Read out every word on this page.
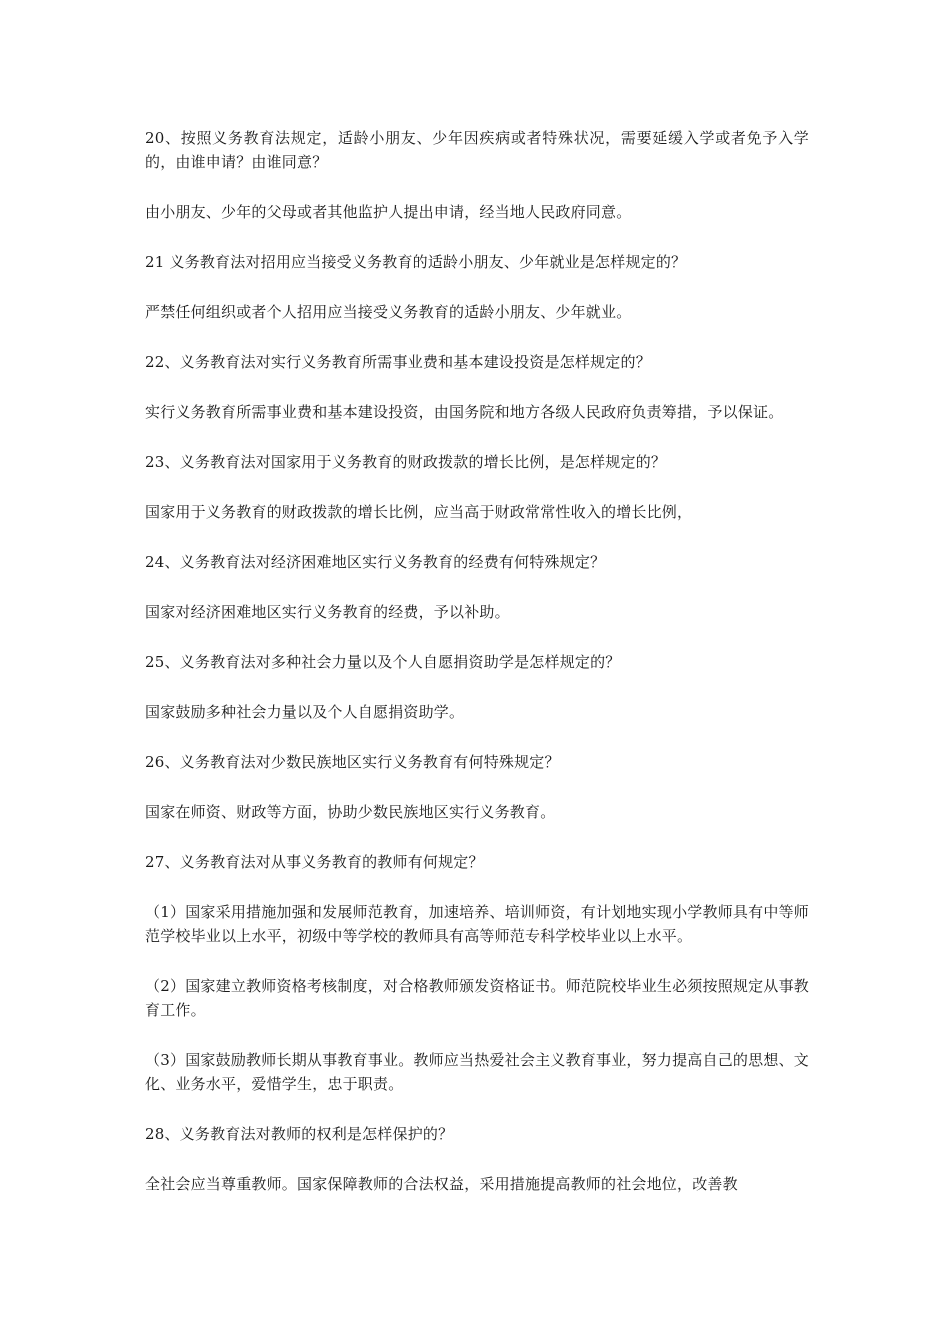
20、按照义务教育法规定，适龄小朋友、少年因疾病或者特殊状况，需要延缓入学或者免予入学的，由谁申请？由谁同意？

由小朋友、少年的父母或者其他监护人提出申请，经当地人民政府同意。

21 义务教育法对招用应当接受义务教育的适龄小朋友、少年就业是怎样规定的？

严禁任何组织或者个人招用应当接受义务教育的适龄小朋友、少年就业。

22、义务教育法对实行义务教育所需事业费和基本建设投资是怎样规定的？

实行义务教育所需事业费和基本建设投资，由国务院和地方各级人民政府负责筹措，予以保证。

23、义务教育法对国家用于义务教育的财政拨款的增长比例，是怎样规定的？

国家用于义务教育的财政拨款的增长比例，应当高于财政常常性收入的增长比例，

24、义务教育法对经济困难地区实行义务教育的经费有何特殊规定？

国家对经济困难地区实行义务教育的经费，予以补助。

25、义务教育法对多种社会力量以及个人自愿捐资助学是怎样规定的？

国家鼓励多种社会力量以及个人自愿捐资助学。

26、义务教育法对少数民族地区实行义务教育有何特殊规定？

国家在师资、财政等方面，协助少数民族地区实行义务教育。

27、义务教育法对从事义务教育的教师有何规定？

（1）国家采用措施加强和发展师范教育，加速培养、培训师资，有计划地实现小学教师具有中等师范学校毕业以上水平，初级中等学校的教师具有高等师范专科学校毕业以上水平。

（2）国家建立教师资格考核制度，对合格教师颁发资格证书。师范院校毕业生必须按照规定从事教育工作。

（3）国家鼓励教师长期从事教育事业。教师应当热爱社会主义教育事业，努力提高自己的思想、文化、业务水平，爱惜学生，忠于职责。

28、义务教育法对教师的权利是怎样保护的？

全社会应当尊重教师。国家保障教师的合法权益，采用措施提高教师的社会地位，改善教
